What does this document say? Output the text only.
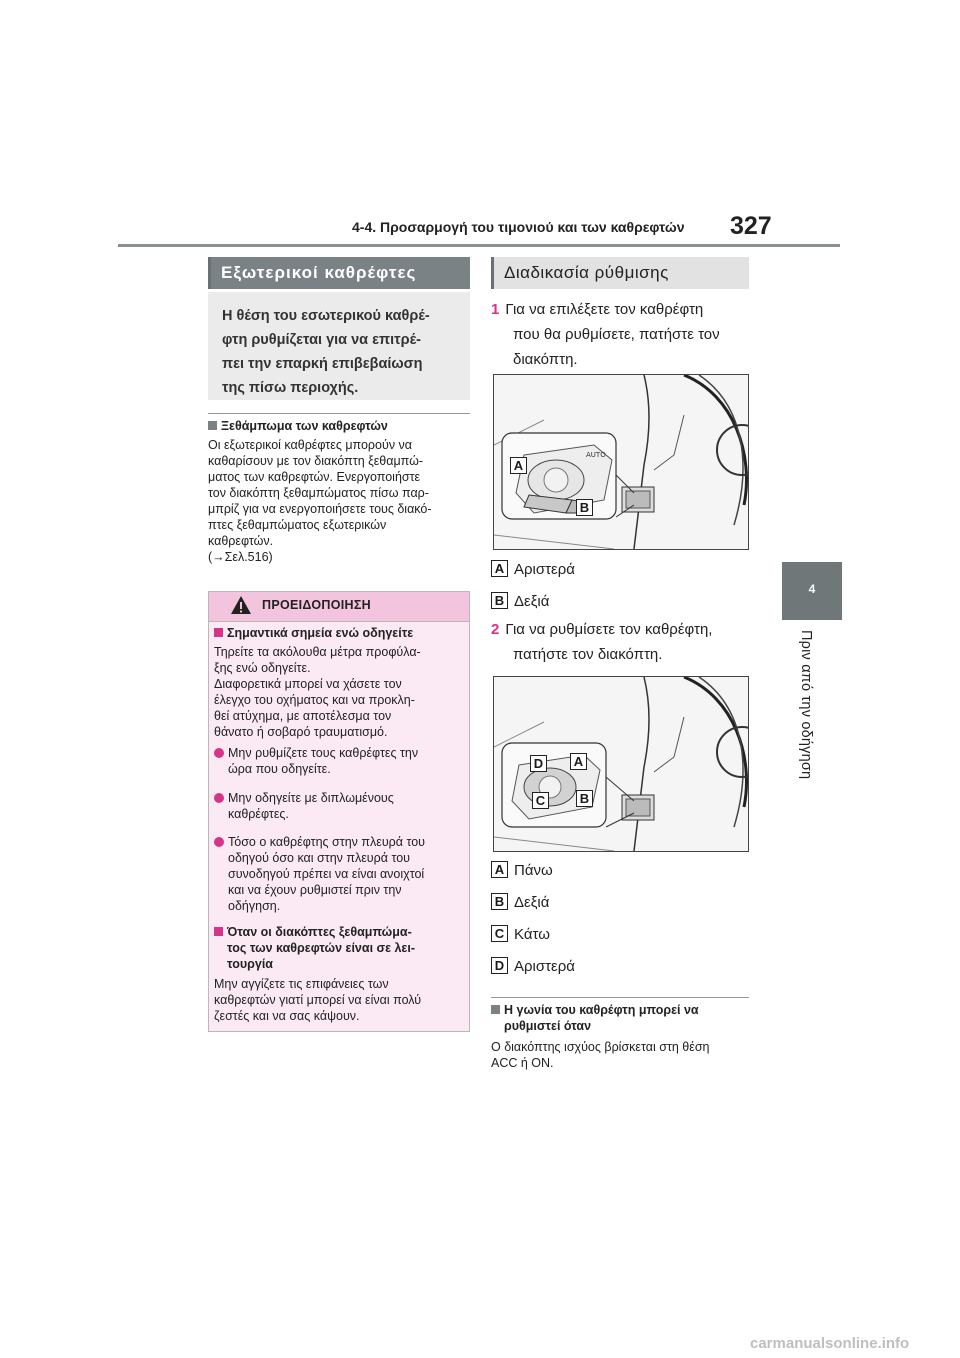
4-4. Προσαρμογή του τιμονιού και των καθρεφτών 327
4
Πριν από την οδήγηση
Εξωτερικοί καθρέφτες
Η θέση του εσωτερικού καθρέ-
φτη ρυθμίζεται για να επιτρέ-
πει την επαρκή επιβεβαίωση
της πίσω περιοχής.
Ξεθάμπωμα των καθρεφτών
Οι εξωτερικοί καθρέφτες μπορούν να
καθαρίσουν με τον διακόπτη ξεθαμπώ-
ματος των καθρεφτών. Ενεργοποιήστε
τον διακόπτη ξεθαμπώματος πίσω παρ-
μπρίζ για να ενεργοποιήσετε τους διακό-
πτες ξεθαμπώματος εξωτερικών
καθρεφτών.
(→Σελ.516)
ΠΡΟΕΙΔΟΠΟΙΗΣΗ
Σημαντικά σημεία ενώ οδηγείτε
Τηρείτε τα ακόλουθα μέτρα προφύλα-
ξης ενώ οδηγείτε.
Διαφορετικά μπορεί να χάσετε τον
έλεγχο του οχήματος και να προκλη-
θεί ατύχημα, με αποτέλεσμα τον
θάνατο ή σοβαρό τραυματισμό.
Μην ρυθμίζετε τους καθρέφτες την
ώρα που οδηγείτε.
Μην οδηγείτε με διπλωμένους
καθρέφτες.
Τόσο ο καθρέφτης στην πλευρά του
οδηγού όσο και στην πλευρά του
συνοδηγού πρέπει να είναι ανοιχτοί
και να έχουν ρυθμιστεί πριν την
οδήγηση.
Όταν οι διακόπτες ξεθαμπώμα-
τος των καθρεφτών είναι σε λει-
τουργία
Μην αγγίζετε τις επιφάνειες των
καθρεφτών γιατί μπορεί να είναι πολύ
ζεστές και να σας κάψουν.
Διαδικασία ρύθμισης
1 Για να επιλέξετε τον καθρέφτη
που θα ρυθμίσετε, πατήστε τον
διακόπτη.
AUTO
A
B
A Αριστερά
B Δεξιά
2 Για να ρυθμίσετε τον καθρέφτη,
πατήστε τον διακόπτη.
D A
C	B
A Πάνω
B Δεξιά
C Κάτω
D Αριστερά
Η γωνία του καθρέφτη μπορεί να
ρυθμιστεί όταν
Ο διακόπτης ισχύος βρίσκεται στη θέση
ACC ή ON.
carmanualsonline.info
